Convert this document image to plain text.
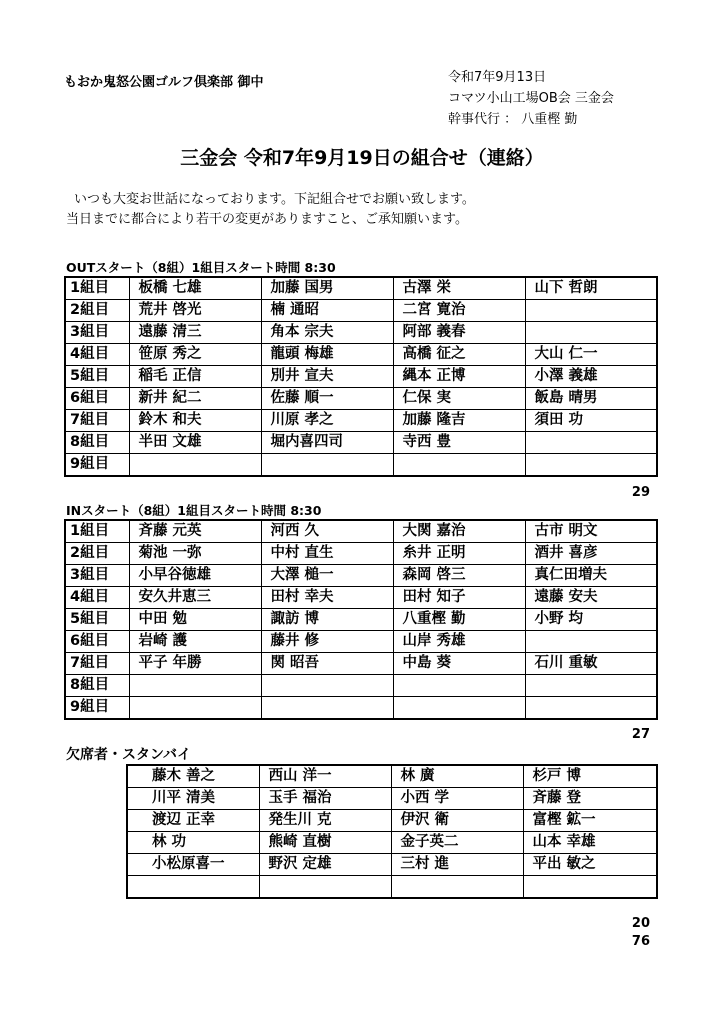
もおか鬼怒公園ゴルフ倶楽部 御中	令和7年9月13日
コマツ小山工場OB会 三金会
幹事代行 ： 八重樫 勤
三金会 令和7年9月19日の組合せ（連絡）
いつも大変お世話になっております。下記組合せでお願い致します。
当日までに都合により若干の変更がありますこと、ご承知願います。
OUTスタート（8組）1組目スタート時間 8:30
1組目	板橋 七雄	加藤 国男	古澤 栄	山下 哲朗
2組目	荒井 啓光	楠 通昭	二宮 寛治	
3組目	遠藤 清三	角本 宗夫	阿部 義春	
4組目	笹原 秀之	龍頭 梅雄	高橋 征之	大山 仁一
5組目	稲毛 正信	別井 宣夫	縄本 正博	小澤 義雄
6組目	新井 紀二	佐藤 順一	仁保 実	飯島 晴男
7組目	鈴木 和夫	川原 孝之	加藤 隆吉	須田 功
8組目	半田 文雄	堀内喜四司	寺西 豊	
9組目				
29
INスタート（8組）1組目スタート時間 8:30
1組目	斉藤 元英	河西 久	大関 嘉治	古市 明文
2組目	菊池 一弥	中村 直生	糸井 正明	酒井 喜彦
3組目	小早谷徳雄	大澤 槌一	森岡 啓三	真仁田増夫
4組目	安久井恵三	田村 幸夫	田村 知子	遠藤 安夫
5組目	中田 勉	諏訪 博	八重樫 勤	小野 均
6組目	岩崎 護	藤井 修	山岸 秀雄	
7組目	平子 年勝	関 昭吾	中島 葵	石川 重敏
8組目				
9組目				
27
欠席者・スタンバイ
藤木 善之	西山 洋一	林 廣	杉戸 博
川平 清美	玉手 福治	小西 学	斉藤 登
渡辺 正幸	発生川 克	伊沢 衛	富樫 鉱一
林 功	熊崎 直樹	金子英二	山本 幸雄
小松原喜一	野沢 定雄	三村 進	平出 敏之

20
76
